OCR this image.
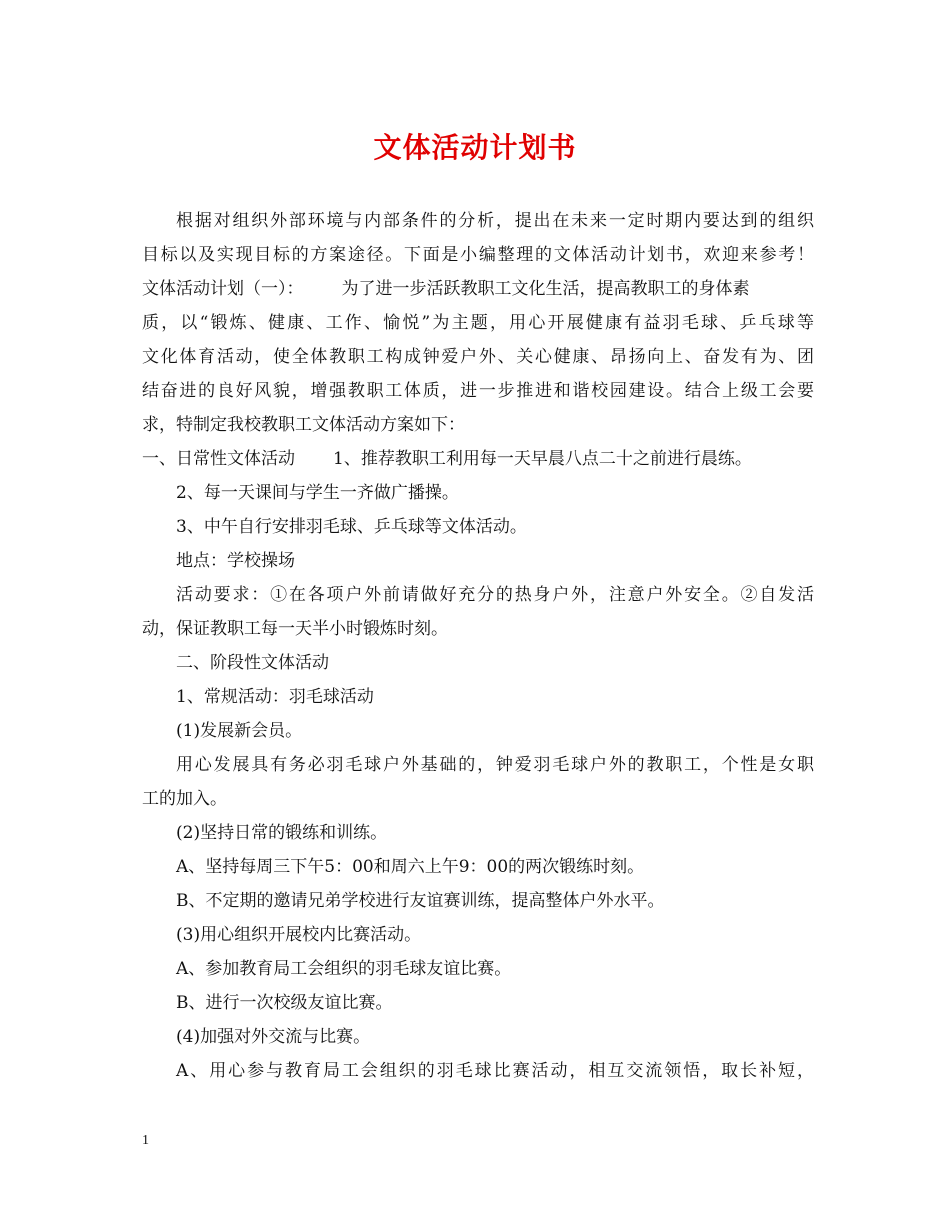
文体活动计划书
根据对组织外部环境与内部条件的分析，提出在未来一定时期内要达到的组织
目标以及实现目标的方案途径。下面是小编整理的文体活动计划书，欢迎来参考！
文体活动计划（一）： 为了进一步活跃教职工文化生活，提高教职工的身体素
质，以“锻炼、健康、工作、愉悦”为主题，用心开展健康有益羽毛球、乒乓球等
文化体育活动，使全体教职工构成钟爱户外、关心健康、昂扬向上、奋发有为、团
结奋进的良好风貌，增强教职工体质，进一步推进和谐校园建设。结合上级工会要
求，特制定我校教职工文体活动方案如下：
一、日常性文体活动 1、推荐教职工利用每一天早晨八点二十之前进行晨练。
2、每一天课间与学生一齐做广播操。
3、中午自行安排羽毛球、乒乓球等文体活动。
地点：学校操场
活动要求：①在各项户外前请做好充分的热身户外，注意户外安全。②自发活
动，保证教职工每一天半小时锻炼时刻。
二、阶段性文体活动
1、常规活动：羽毛球活动
(1)发展新会员。
用心发展具有务必羽毛球户外基础的，钟爱羽毛球户外的教职工，个性是女职
工的加入。
(2)坚持日常的锻练和训练。
A、坚持每周三下午5：00和周六上午9：00的两次锻练时刻。
B、不定期的邀请兄弟学校进行友谊赛训练，提高整体户外水平。
(3)用心组织开展校内比赛活动。
A、参加教育局工会组织的羽毛球友谊比赛。
B、进行一次校级友谊比赛。
(4)加强对外交流与比赛。
A、用心参与教育局工会组织的羽毛球比赛活动，相互交流领悟，取长补短，
1
